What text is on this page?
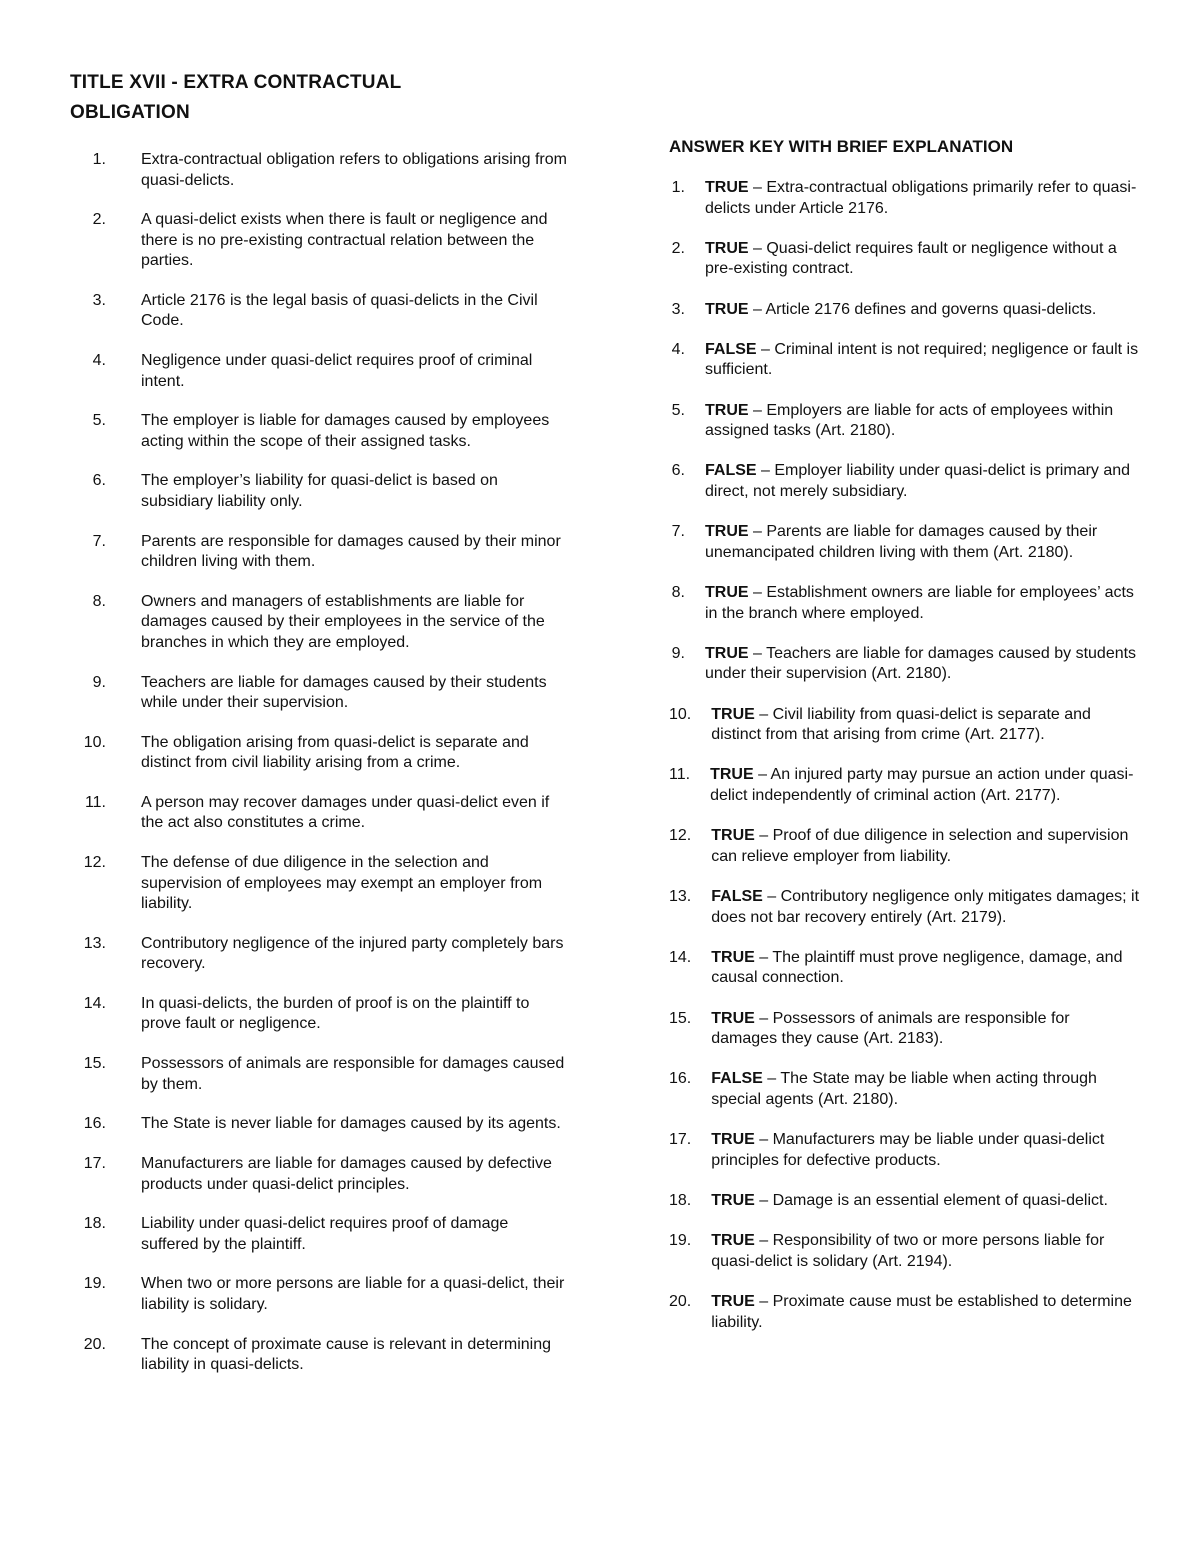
TITLE XVII - EXTRA CONTRACTUAL
OBLIGATION
1.	Extra-contractual obligation refers to obligations arising from quasi-delicts.
2.	A quasi-delict exists when there is fault or negligence and there is no pre-existing contractual relation between the parties.
3.	Article 2176 is the legal basis of quasi-delicts in the Civil Code.
4.	Negligence under quasi-delict requires proof of criminal intent.
5.	The employer is liable for damages caused by employees acting within the scope of their assigned tasks.
6.	The employer’s liability for quasi-delict is based on subsidiary liability only.
7.	Parents are responsible for damages caused by their minor children living with them.
8.	Owners and managers of establishments are liable for damages caused by their employees in the service of the branches in which they are employed.
9.	Teachers are liable for damages caused by their students while under their supervision.
10.	The obligation arising from quasi-delict is separate and distinct from civil liability arising from a crime.
11.	A person may recover damages under quasi-delict even if the act also constitutes a crime.
12.	The defense of due diligence in the selection and supervision of employees may exempt an employer from liability.
13.	Contributory negligence of the injured party completely bars recovery.
14.	In quasi-delicts, the burden of proof is on the plaintiff to prove fault or negligence.
15.	Possessors of animals are responsible for damages caused by them.
16.	The State is never liable for damages caused by its agents.
17.	Manufacturers are liable for damages caused by defective products under quasi-delict principles.
18.	Liability under quasi-delict requires proof of damage suffered by the plaintiff.
19.	When two or more persons are liable for a quasi-delict, their liability is solidary.
20.	The concept of proximate cause is relevant in determining liability in quasi-delicts.
ANSWER KEY WITH BRIEF EXPLANATION
1.	TRUE – Extra-contractual obligations primarily refer to quasi-delicts under Article 2176.
2.	TRUE – Quasi-delict requires fault or negligence without a pre-existing contract.
3.	TRUE – Article 2176 defines and governs quasi-delicts.
4.	FALSE – Criminal intent is not required; negligence or fault is sufficient.
5.	TRUE – Employers are liable for acts of employees within assigned tasks (Art. 2180).
6.	FALSE – Employer liability under quasi-delict is primary and direct, not merely subsidiary.
7.	TRUE – Parents are liable for damages caused by their unemancipated children living with them (Art. 2180).
8.	TRUE – Establishment owners are liable for employees’ acts in the branch where employed.
9.	TRUE – Teachers are liable for damages caused by students under their supervision (Art. 2180).
10.	TRUE – Civil liability from quasi-delict is separate and distinct from that arising from crime (Art. 2177).
11.	TRUE – An injured party may pursue an action under quasi-delict independently of criminal action (Art. 2177).
12.	TRUE – Proof of due diligence in selection and supervision can relieve employer from liability.
13.	FALSE – Contributory negligence only mitigates damages; it does not bar recovery entirely (Art. 2179).
14.	TRUE – The plaintiff must prove negligence, damage, and causal connection.
15.	TRUE – Possessors of animals are responsible for damages they cause (Art. 2183).
16.	FALSE – The State may be liable when acting through special agents (Art. 2180).
17.	TRUE – Manufacturers may be liable under quasi-delict principles for defective products.
18.	TRUE – Damage is an essential element of quasi-delict.
19.	TRUE – Responsibility of two or more persons liable for quasi-delict is solidary (Art. 2194).
20.	TRUE – Proximate cause must be established to determine liability.
